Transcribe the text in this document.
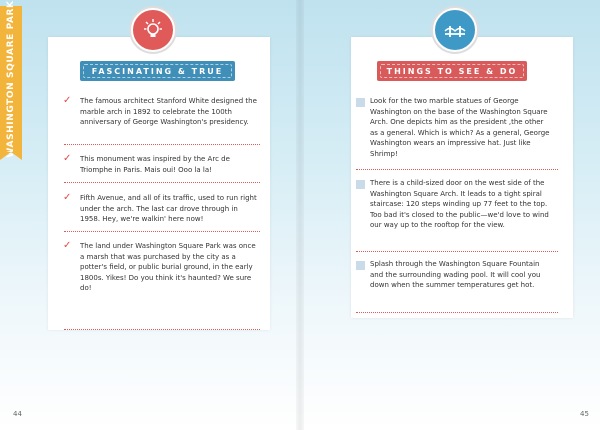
WASHINGTON SQUARE PARK	FASCINATING & TRUE	THINGS TO SEE & DO
✓ The famous architect Stanford White designed the marble arch in 1892 to celebrate the 100th anniversary of George Washington's presidency.
✓ This monument was inspired by the Arc de Triomphe in Paris. Mais oui! Ooo la la!
✓ Fifth Avenue, and all of its traffic, used to run right under the arch. The last car drove through in 1958. Hey, we're walkin' here now!
✓ The land under Washington Square Park was once a marsh that was purchased by the city as a potter's field, or public burial ground, in the early 1800s. Yikes! Do you think it's haunted? We sure do!
Look for the two marble statues of George Washington on the base of the Washington Square Arch. One depicts him as the president ,the other as a general. Which is which? As a general, George Washington wears an impressive hat. Just like Shrimp!
There is a child-sized door on the west side of the Washington Square Arch. It leads to a tight spiral staircase: 120 steps winding up 77 feet to the top. Too bad it's closed to the public—we'd love to wind our way up to the rooftop for the view.
Splash through the Washington Square Fountain and the surrounding wading pool. It will cool you down when the summer temperatures get hot.
44	45
